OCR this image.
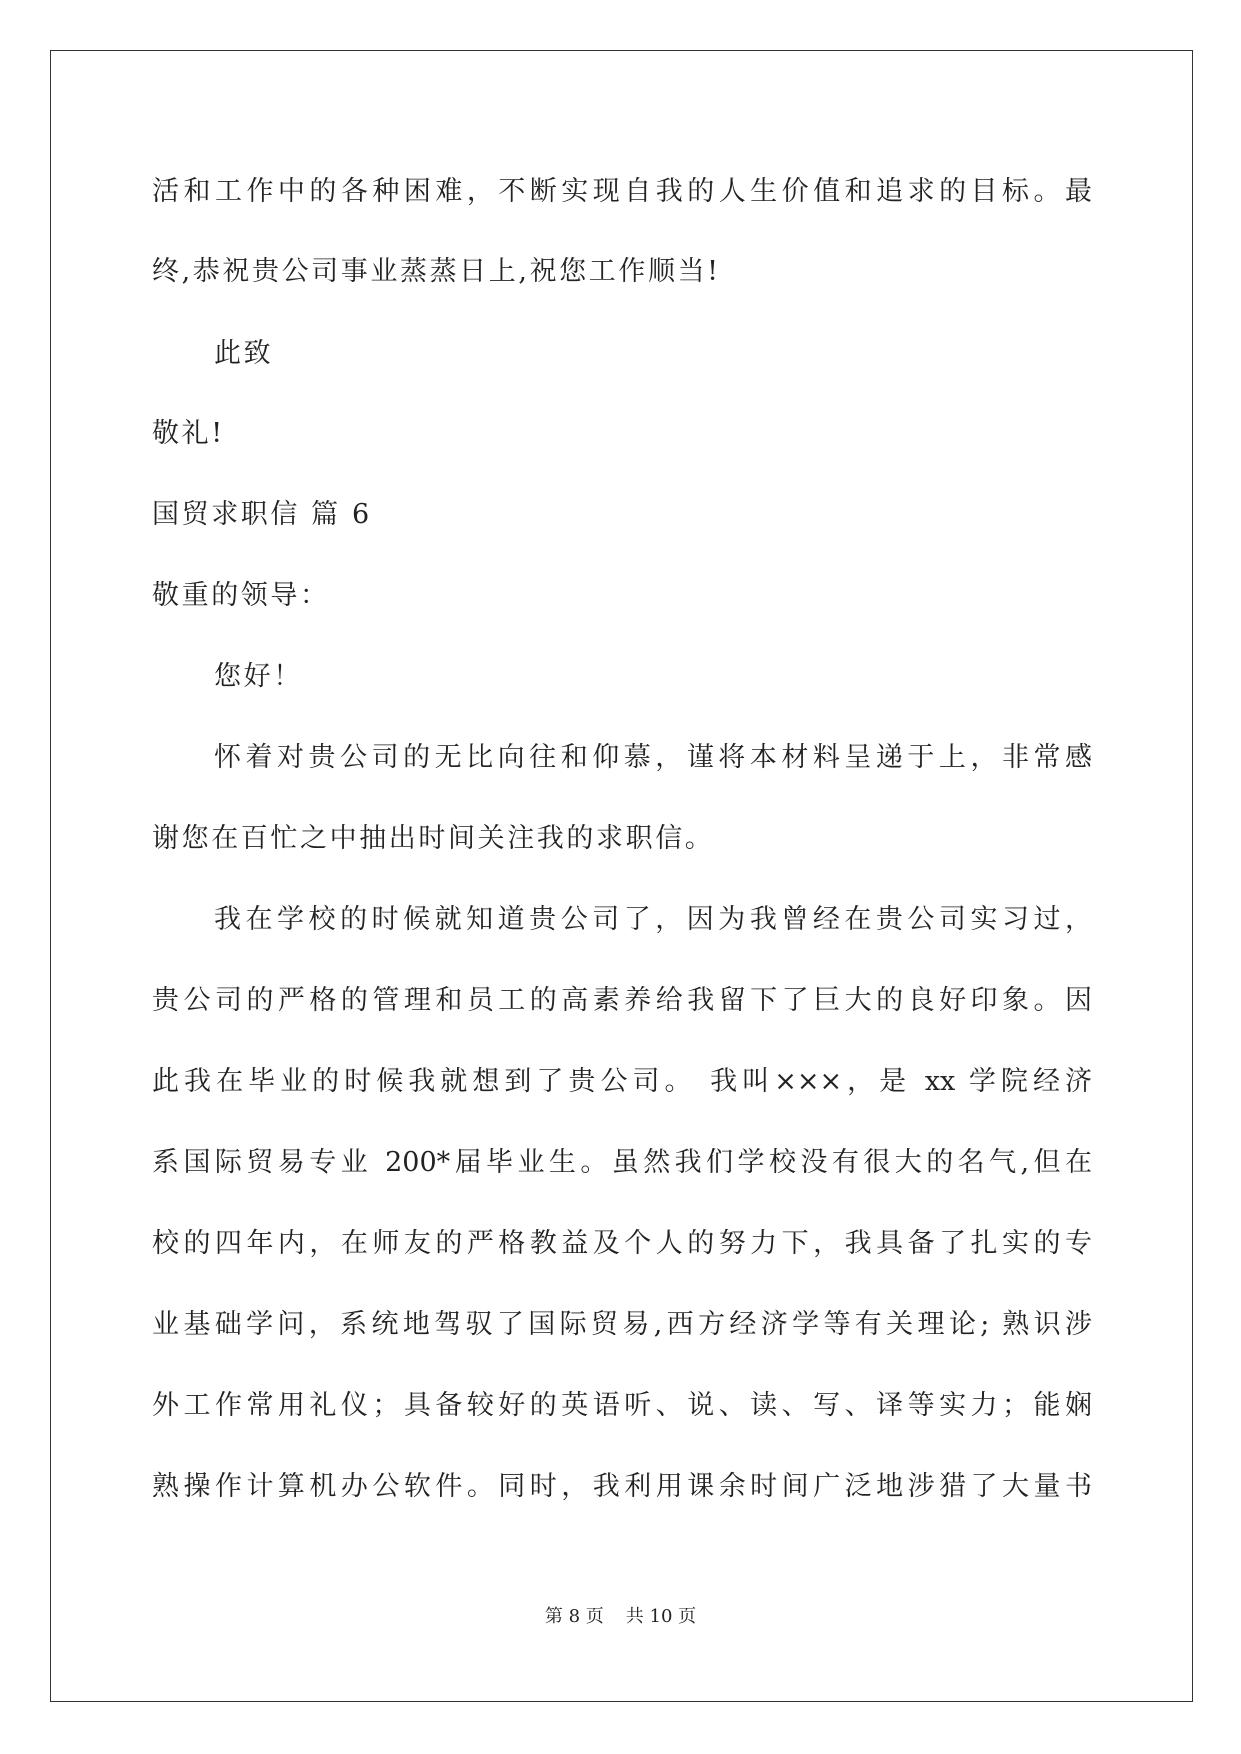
活和工作中的各种困难，不断实现自我的人生价值和追求的目标。最
终,恭祝贵公司事业蒸蒸日上,祝您工作顺当!
此致
敬礼!
国贸求职信 篇 6
敬重的领导：
您好！
怀着对贵公司的无比向往和仰慕，谨将本材料呈递于上，非常感
谢您在百忙之中抽出时间关注我的求职信。
我在学校的时候就知道贵公司了，因为我曾经在贵公司实习过，
贵公司的严格的管理和员工的高素养给我留下了巨大的良好印象。因
此我在毕业的时候我就想到了贵公司。 我叫×××，是 xx 学院经济
系国际贸易专业 200*届毕业生。虽然我们学校没有很大的名气,但在
校的四年内，在师友的严格教益及个人的努力下，我具备了扎实的专
业基础学问，系统地驾驭了国际贸易,西方经济学等有关理论; 熟识涉
外工作常用礼仪；具备较好的英语听、说、读、写、译等实力；能娴
熟操作计算机办公软件。同时，我利用课余时间广泛地涉猎了大量书
第 8 页 共 10 页
